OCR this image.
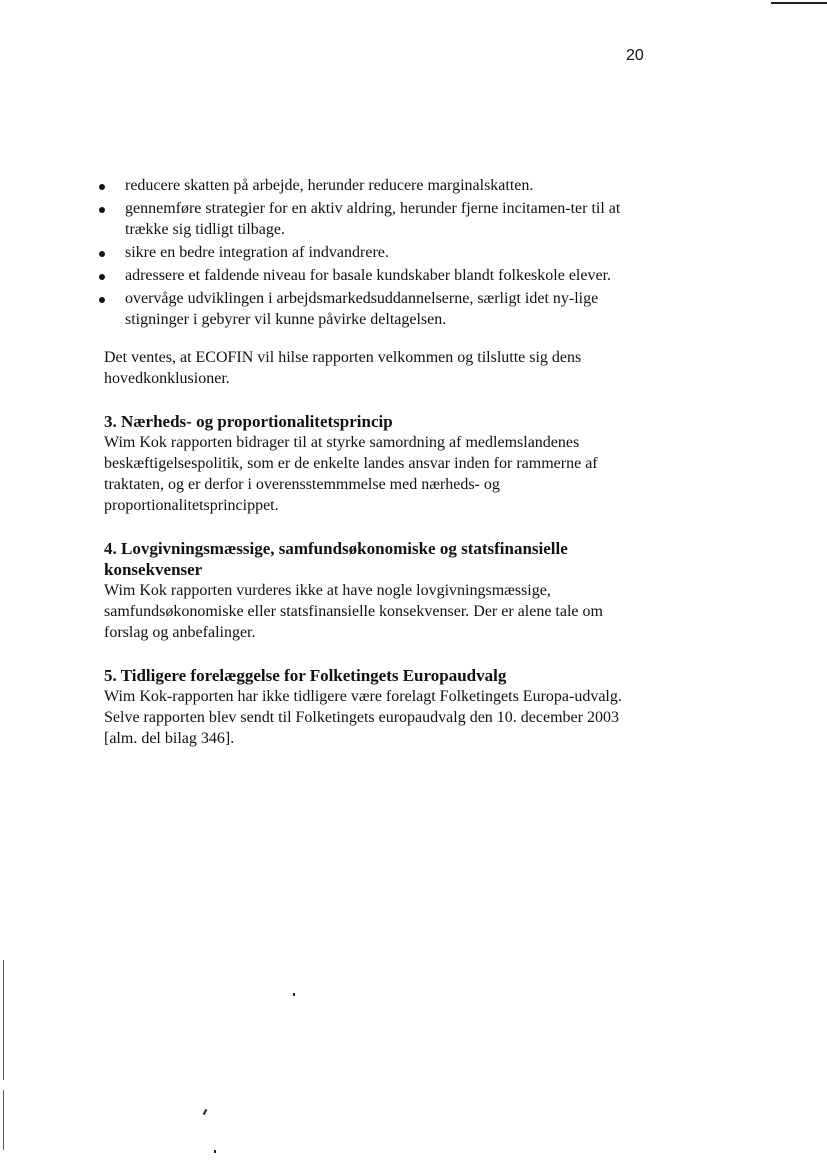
20
reducere skatten på arbejde, herunder reducere marginalskatten.
gennemføre strategier for en aktiv aldring, herunder fjerne incitamen-ter til at trække sig tidligt tilbage.
sikre en bedre integration af indvandrere.
adressere et faldende niveau for basale kundskaber blandt folkeskole elever.
overvåge udviklingen i arbejdsmarkedsuddannelserne, særligt idet ny-lige stigninger i gebyrer vil kunne påvirke deltagelsen.

Det ventes, at ECOFIN vil hilse rapporten velkommen og tilslutte sig dens hovedkonklusioner.

3. Nærheds- og proportionalitetsprincip

Wim Kok rapporten bidrager til at styrke samordning af medlemslandenes beskæftigelsespolitik, som er de enkelte landes ansvar inden for rammerne af traktaten, og er derfor i overensstemmmelse med nærheds- og proportionalitetsprincippet.

4. Lovgivningsmæssige, samfundsøkonomiske og statsfinansielle konsekvenser

Wim Kok rapporten vurderes ikke at have nogle lovgivningsmæssige, samfundsøkonomiske eller statsfinansielle konsekvenser. Der er alene tale om forslag og anbefalinger.

5. Tidligere forelæggelse for Folketingets Europaudvalg

Wim Kok-rapporten har ikke tidligere være forelagt Folketingets Europa-udvalg. Selve rapporten blev sendt til Folketingets europaudvalg den 10. december 2003 [alm. del bilag 346].
